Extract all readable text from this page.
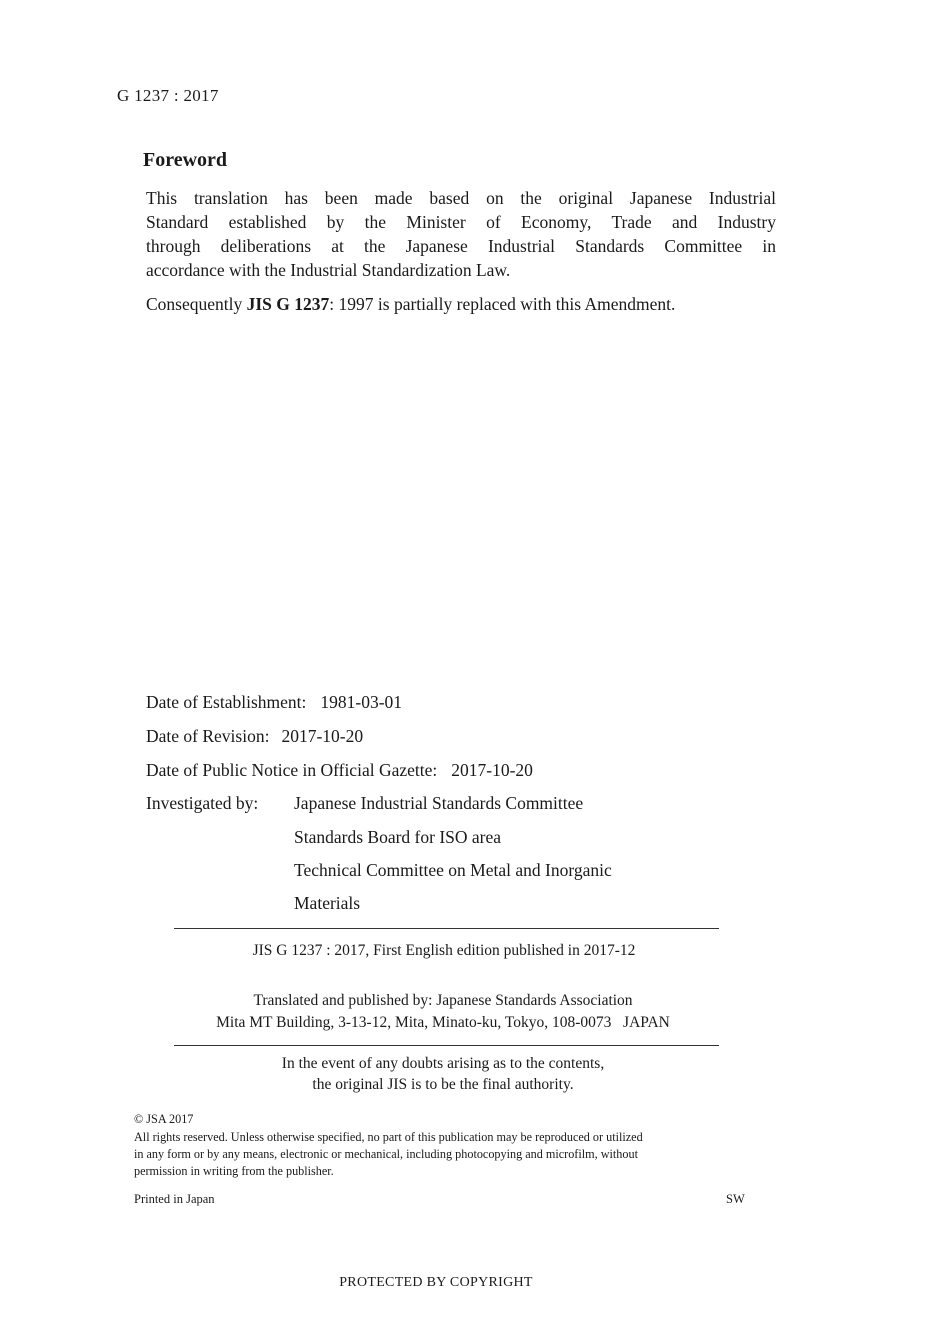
G 1237 : 2017
Foreword
This translation has been made based on the original Japanese Industrial
Standard established by the Minister of Economy, Trade and Industry
through deliberations at the Japanese Industrial Standards Committee in
accordance with the Industrial Standardization Law.
Consequently JIS G 1237: 1997 is partially replaced with this Amendment.
Date of Establishment: 1981-03-01
Date of Revision: 2017-10-20
Date of Public Notice in Official Gazette: 2017-10-20
Investigated by: Japanese Industrial Standards Committee
Standards Board for ISO area
Technical Committee on Metal and Inorganic
Materials
JIS G 1237 : 2017, First English edition published in 2017-12
Translated and published by: Japanese Standards Association
Mita MT Building, 3-13-12, Mita, Minato-ku, Tokyo, 108-0073   JAPAN
In the event of any doubts arising as to the contents,
the original JIS is to be the final authority.
© JSA 2017
All rights reserved. Unless otherwise specified, no part of this publication may be reproduced or utilized
in any form or by any means, electronic or mechanical, including photocopying and microfilm, without
permission in writing from the publisher.
Printed in Japan	SW
PROTECTED BY COPYRIGHT
